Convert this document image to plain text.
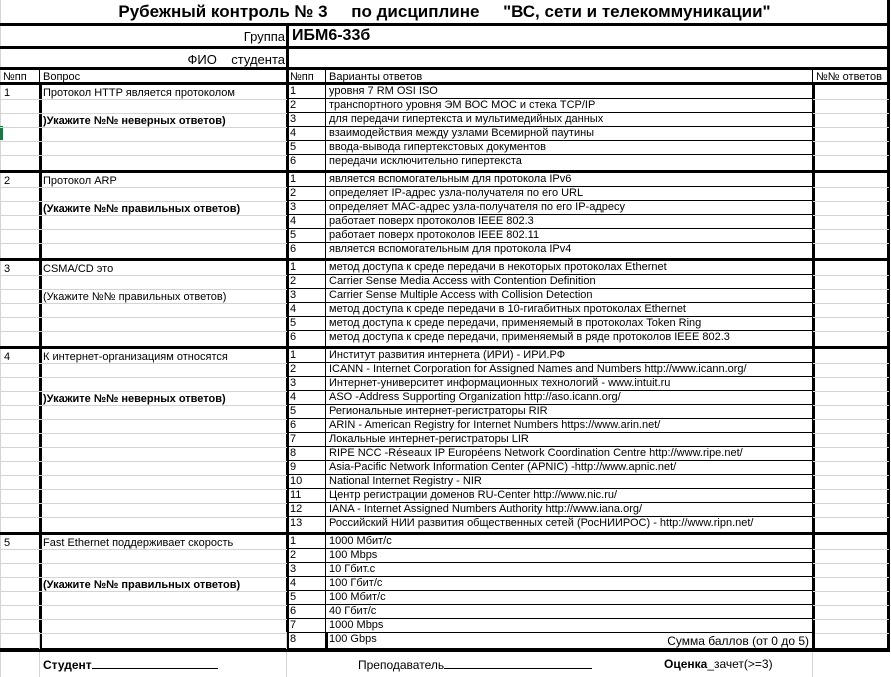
Рубежный контроль № 3     по дисциплине     "ВС, сети и телекоммуникации"
Группа ИБМ6-33б
ФИО    студента
№пп Вопрос	№пп Варианты ответов	№№ ответов
1	Протокол HTTP является протоколом
)Укажите №№ неверных ответов)
1	уровня 7 RM OSI ISO
2	транспортного уровня ЭМ ВОС МОС и стека TCP/IP
3	для передачи гипертекста и мультимедийных данных
4	взаимодействия между узлами Всемирной паутины
5	ввода-вывода гипертекстовых документов
6	передачи исключительно гипертекста
2	Протокол ARP
(Укажите №№ правильных ответов)
1	является вспомогательным для протокола IPv6
2	определяет IP-адрес узла-получателя по его URL
3	определяет MAC-адрес узла-получателя по его IP-адресу
4	работает поверх протоколов IEEE 802.3
5	работает поверх протоколов IEEE 802.11
6	является вспомогательным для протокола IPv4
3	CSMA/CD это
(Укажите №№ правильных ответов)
1	метод доступа к среде передачи в некоторых протоколах Ethernet
2	Carrier Sense Media Access with Contention Definition
3	Carrier Sense Multiple Access with Collision Detection
4	метод доступа к среде передачи в 10-гигабитных протоколах Ethernet
5	метод доступа к среде передачи, применяемый в протоколах Token Ring
6	метод доступа к среде передачи, применяемый в ряде протоколов IEEE 802.3
4	К интернет-организациям относятся
)Укажите №№ неверных ответов)
1	Институт развития интернета (ИРИ) - ИРИ.РФ
2	ICANN - Internet Corporation for Assigned Names and Numbers http://www.icann.org/
3	Интернет-университет информационных технологий - www.intuit.ru
4	ASO -Address Supporting Organization http://aso.icann.org/
5	Региональные интернет-регистраторы RIR
6	ARIN - American Registry for Internet Numbers https://www.arin.net/
7	Локальные интернет-регистраторы LIR
8	RIPE NCC -Réseaux IP Européens Network Coordination Centre http://www.ripe.net/
9	Asia-Pacific Network Information Center (APNIC) -http://www.apnic.net/
10 National Internet Registry - NIR
11	Центр регистрации доменов RU-Center http://www.nic.ru/
12 IANA - Internet Assigned Numbers Authority http://www.iana.org/
13 Российский НИИ развития общественных сетей (РосНИИРОС) - http://www.ripn.net/
5	Fast Ethernet поддерживает скорость
(Укажите №№ правильных ответов)
1	1000 Мбит/с
2	100 Mbps
3	10 Гбит.с
4	100 Гбит/с
5	100 Мбит/с
6	40 Гбит/с
7	1000 Mbps
8	100 Gbps	Сумма баллов (от 0 до 5)
Студент	Преподаватель	Оценка_зачет(>=3)
